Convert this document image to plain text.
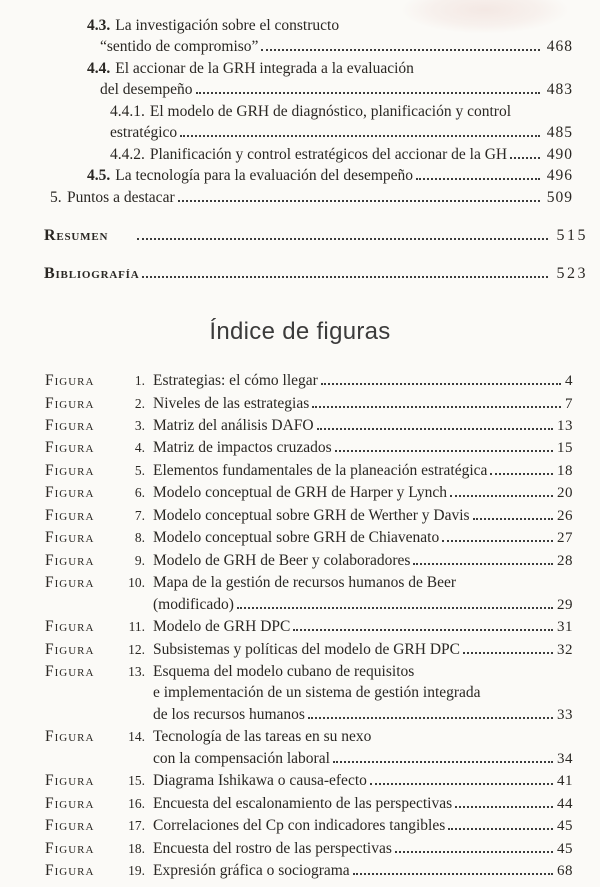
4.3. La investigación sobre el constructo
“sentido de compromiso”	468
4.4. El accionar de la GRH integrada a la evaluación
del desempeño	483
4.4.1. El modelo de GRH de diagnóstico, planificación y control
estratégico	485
4.4.2. Planificación y control estratégicos del accionar de la GH	490
4.5. La tecnología para la evaluación del desempeño	496
5. Puntos a destacar	509
Resumen	515
Bibliografía	523
Índice de figuras
Figura	1. Estrategias: el cómo llegar	4
Figura	2. Niveles de las estrategias	7
Figura	3. Matriz del análisis DAFO	13
Figura	4. Matriz de impactos cruzados	15
Figura	5. Elementos fundamentales de la planeación estratégica	18
Figura	6. Modelo conceptual de GRH de Harper y Lynch	20
Figura	7. Modelo conceptual sobre GRH de Werther y Davis	26
Figura	8. Modelo conceptual sobre GRH de Chiavenato	27
Figura	9. Modelo de GRH de Beer y colaboradores	28
Figura	10. Mapa de la gestión de recursos humanos de Beer
(modificado)	29
Figura	11. Modelo de GRH DPC	31
Figura	12. Subsistemas y políticas del modelo de GRH DPC	32
Figura	13. Esquema del modelo cubano de requisitos
e implementación de un sistema de gestión integrada
de los recursos humanos	33
Figura	14. Tecnología de las tareas en su nexo
con la compensación laboral	34
Figura	15. Diagrama Ishikawa o causa-efecto	41
Figura	16. Encuesta del escalonamiento de las perspectivas	44
Figura	17. Correlaciones del Cp con indicadores tangibles	45
Figura	18. Encuesta del rostro de las perspectivas	45
Figura	19. Expresión gráfica o sociograma	68
